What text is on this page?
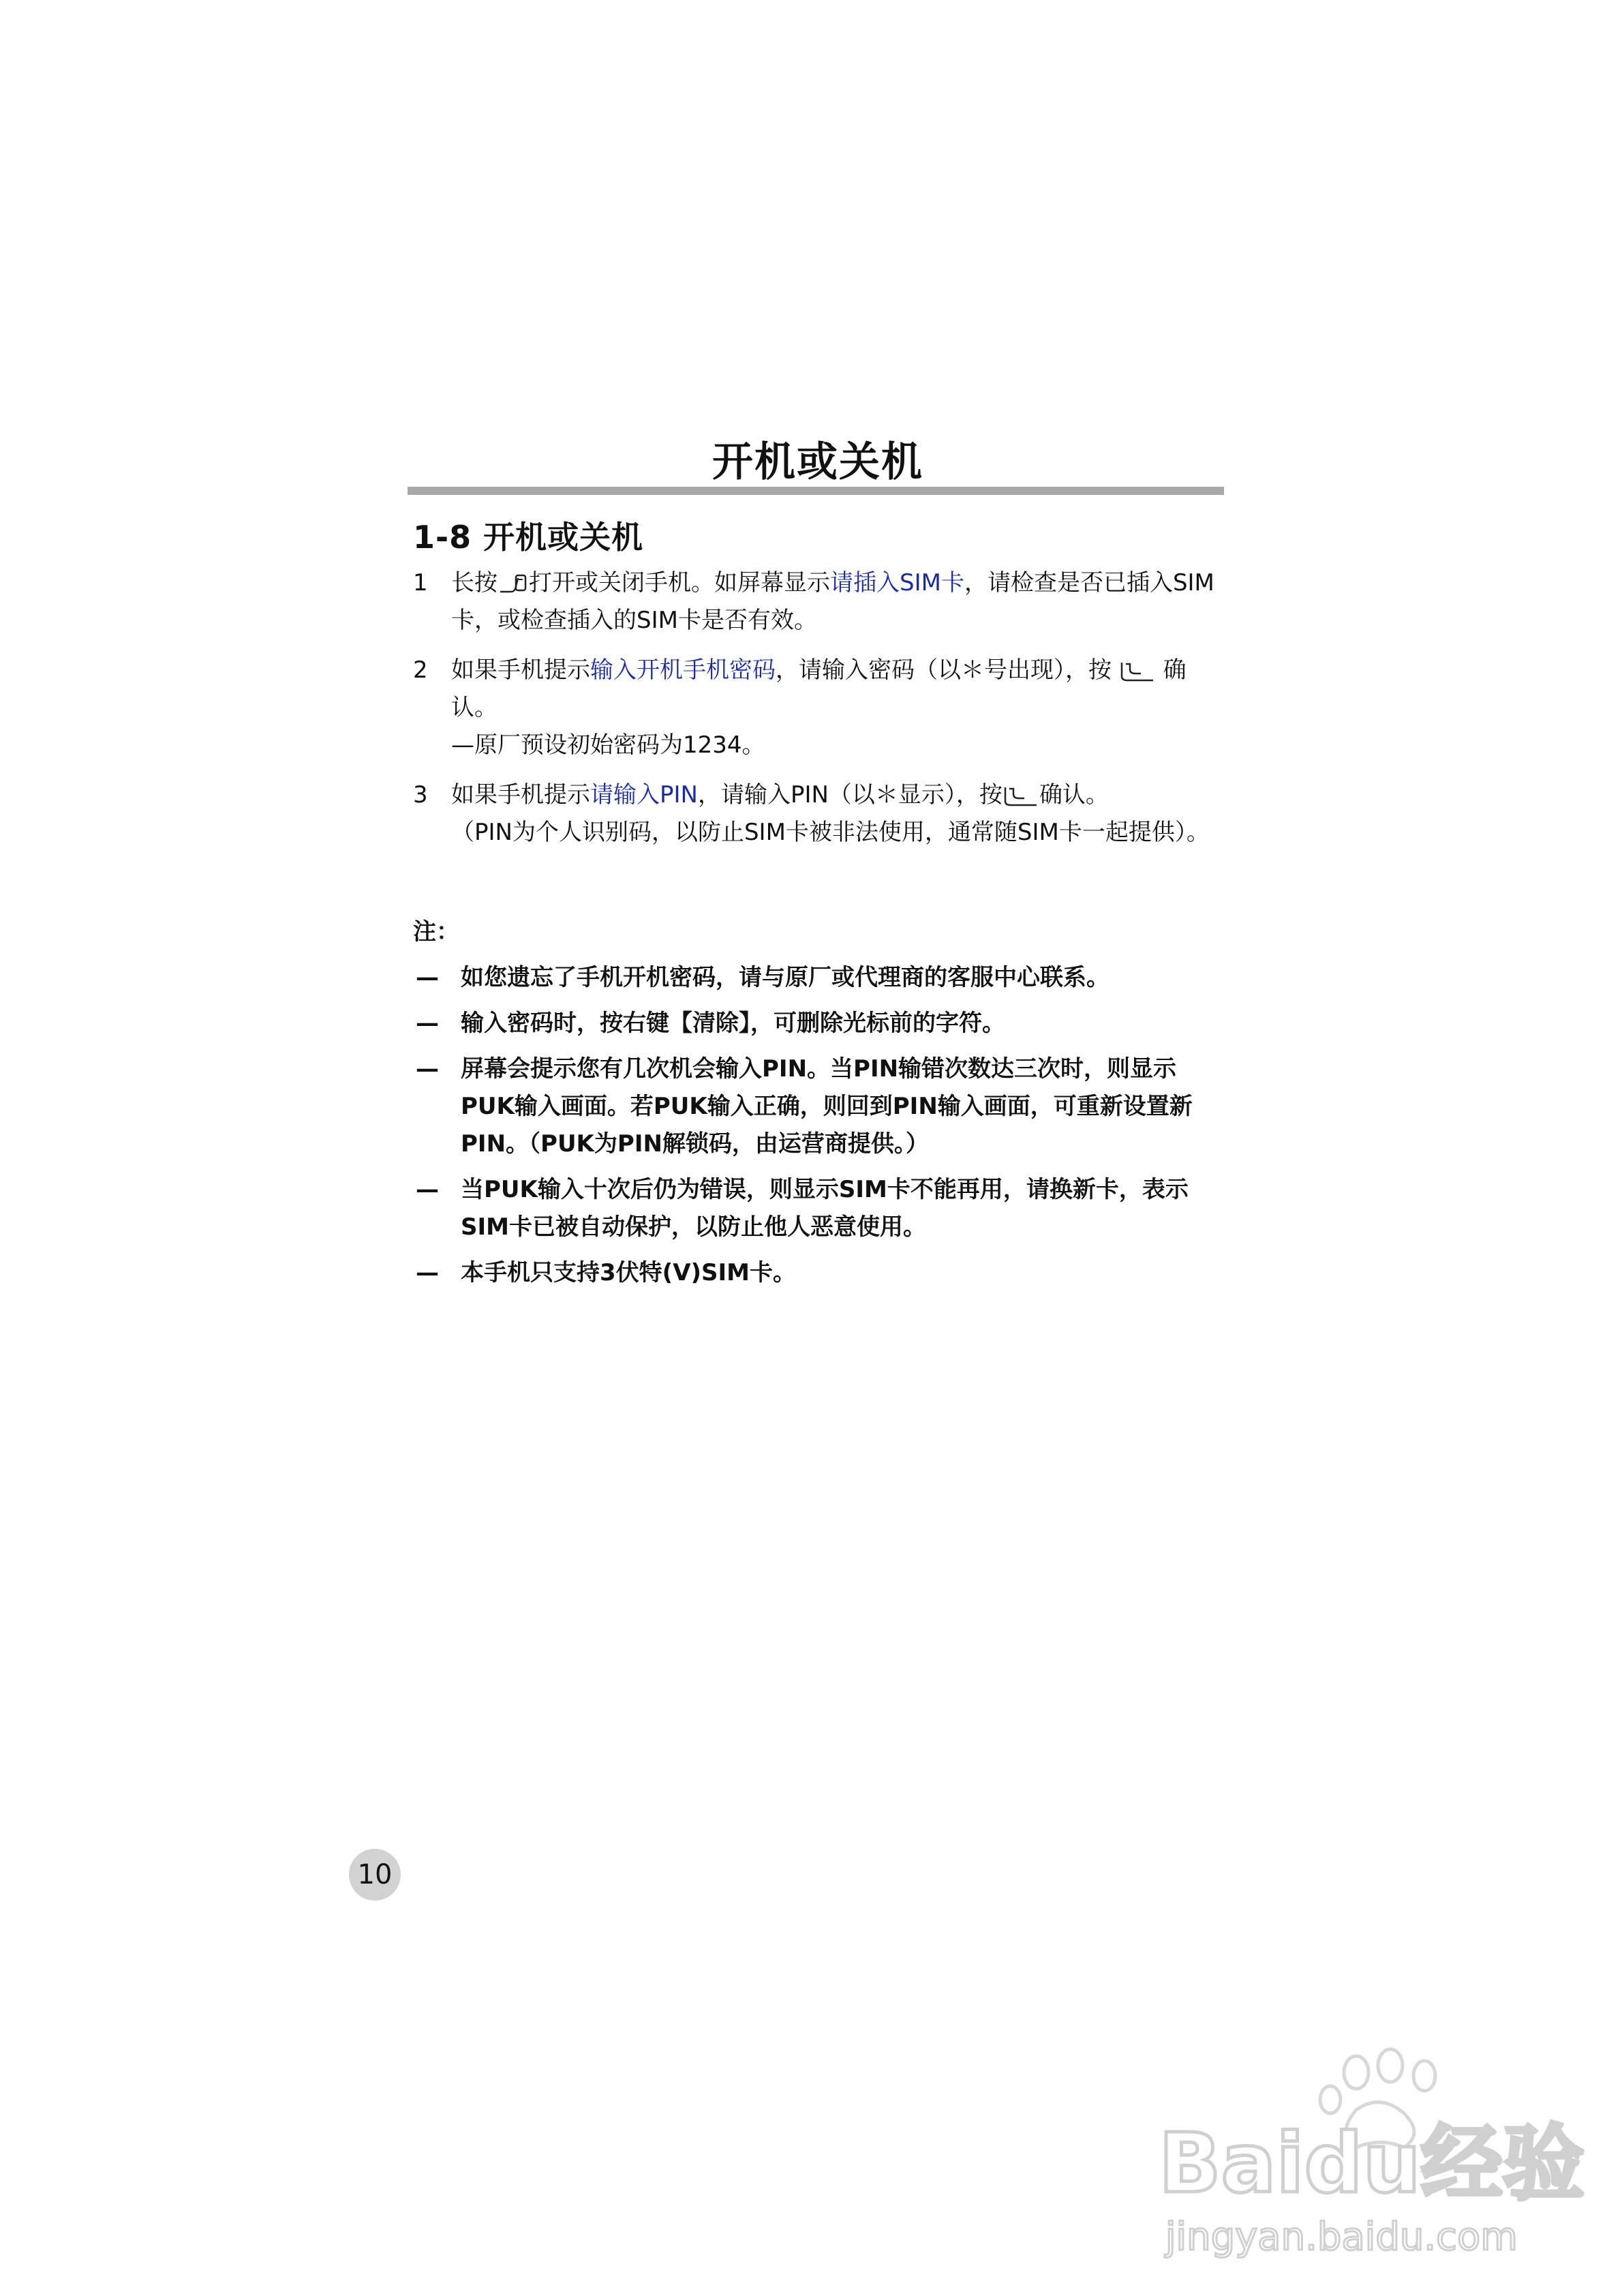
开机或关机
1-8 开机或关机
1 长按 打开或关闭手机。如屏幕显示请插入SIM卡，请检查是否已插入SIM卡，或检查插入的SIM卡是否有效。
2 如果手机提示输入开机手机密码，请输入密码（以＊号出现），按 确认。
—原厂预设初始密码为1234。
3 如果手机提示请输入PIN，请输入PIN（以＊显示），按 确认。
（PIN为个人识别码，以防止SIM卡被非法使用，通常随SIM卡一起提供）。
注：
— 如您遗忘了手机开机密码，请与原厂或代理商的客服中心联系。
— 输入密码时，按右键【清除】，可删除光标前的字符。
— 屏幕会提示您有几次机会输入PIN。当PIN输错次数达三次时，则显示PUK输入画面。若PUK输入正确，则回到PIN输入画面，可重新设置新PIN。（PUK为PIN解锁码，由运营商提供。）
— 当PUK输入十次后仍为错误，则显示SIM卡不能再用，请换新卡，表示SIM卡已被自动保护，以防止他人恶意使用。
— 本手机只支持3伏特(V)SIM卡。
10
Baidu经验
jingyan.baidu.com
